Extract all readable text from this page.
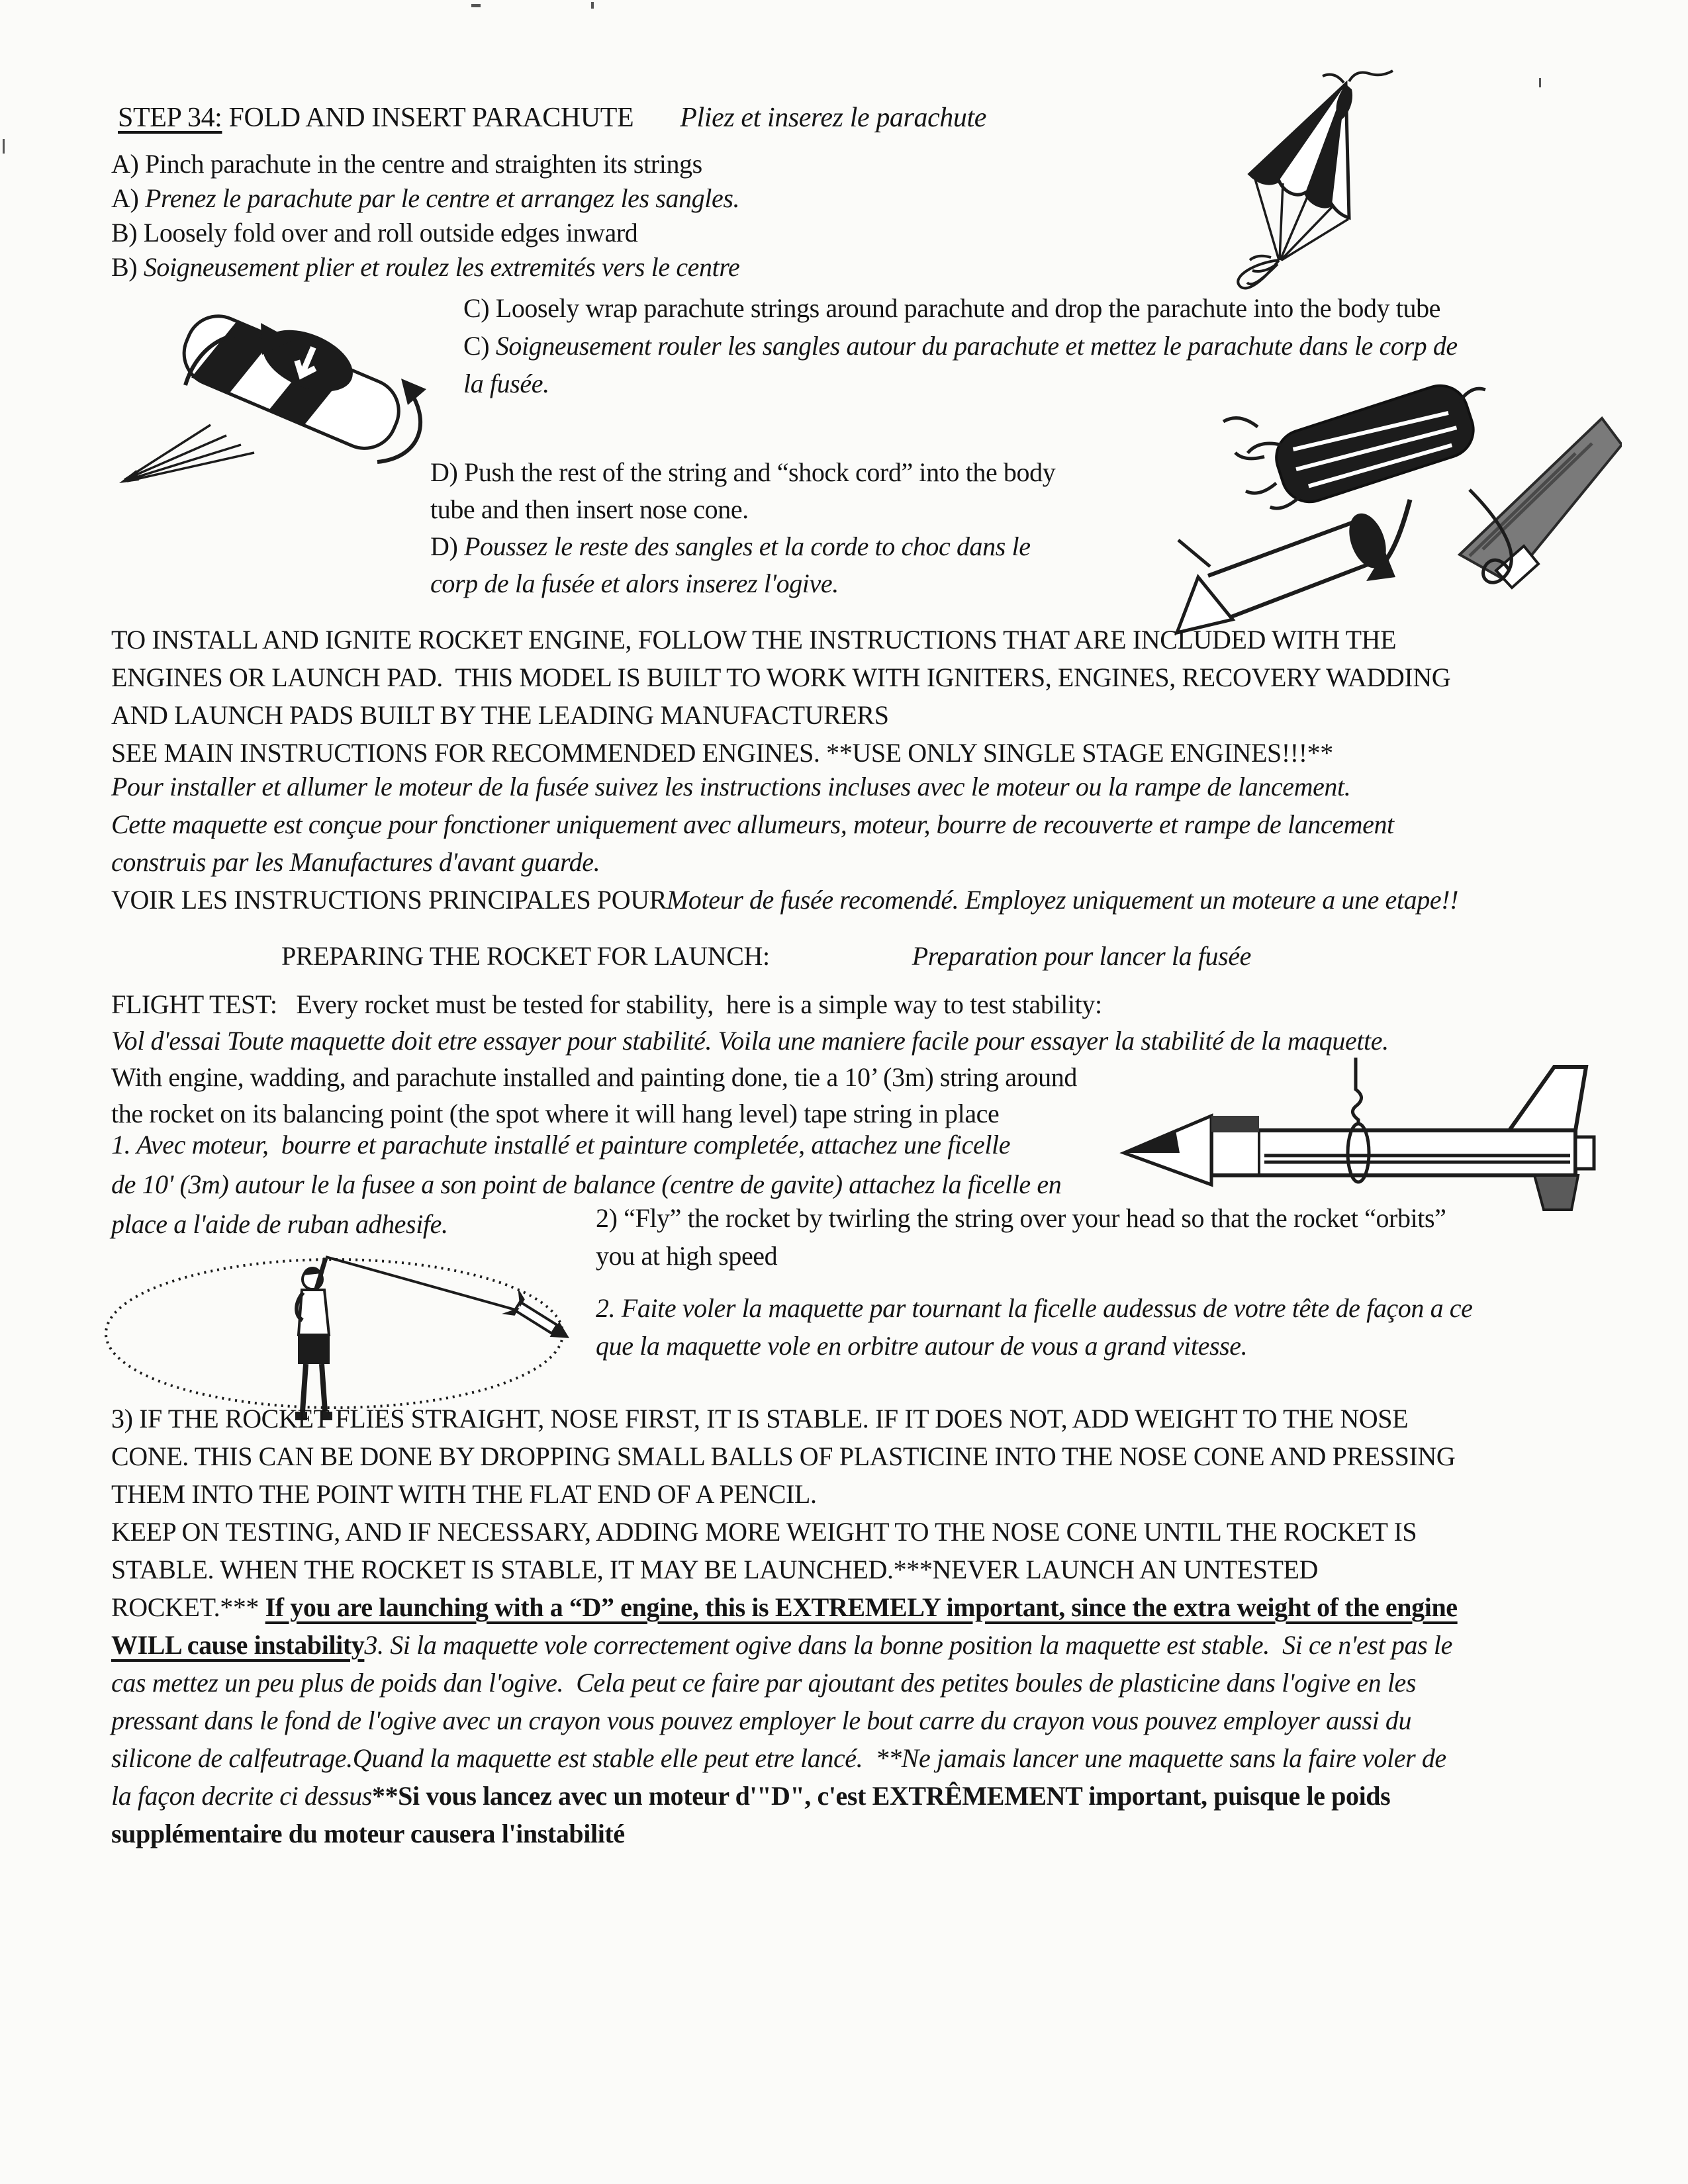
STEP 34: FOLD AND INSERT PARACHUTE Pliez et inserez le parachute
A) Pinch parachute in the centre and straighten its strings
A) Prenez le parachute par le centre et arrangez les sangles.
B) Loosely fold over and roll outside edges inward
B) Soigneusement plier et roulez les extremités vers le centre
C) Loosely wrap parachute strings around parachute and drop the parachute into the body tube
C) Soigneusement rouler les sangles autour du parachute et mettez le parachute dans le corp de
la fusée.
D) Push the rest of the string and “shock cord” into the body
tube and then insert nose cone.
D) Poussez le reste des sangles et la corde to choc dans le
corp de la fusée et alors inserez l'ogive.
TO INSTALL AND IGNITE ROCKET ENGINE, FOLLOW THE INSTRUCTIONS THAT ARE INCLUDED WITH THE
ENGINES OR LAUNCH PAD.  THIS MODEL IS BUILT TO WORK WITH IGNITERS, ENGINES, RECOVERY WADDING
AND LAUNCH PADS BUILT BY THE LEADING MANUFACTURERS
SEE MAIN INSTRUCTIONS FOR RECOMMENDED ENGINES. **USE ONLY SINGLE STAGE ENGINES!!!**
Pour installer et allumer le moteur de la fusée suivez les instructions incluses avec le moteur ou la rampe de lancement.
Cette maquette est conçue pour fonctioner uniquement avec allumeurs, moteur, bourre de recouverte et rampe de lancement
construis par les Manufactures d'avant guarde.
VOIR LES INSTRUCTIONS PRINCIPALES POURMoteur de fusée recomendé. Employez uniquement un moteure a une etape!!
PREPARING THE ROCKET FOR LAUNCH:	Preparation pour lancer la fusée
FLIGHT TEST:   Every rocket must be tested for stability,  here is a simple way to test stability:
Vol d'essai Toute maquette doit etre essayer pour stabilité. Voila une maniere facile pour essayer la stabilité de la maquette.
With engine, wadding, and parachute installed and painting done, tie a 10’ (3m) string around
the rocket on its balancing point (the spot where it will hang level) tape string in place
1. Avec moteur,  bourre et parachute installé et painture completée, attachez une ficelle
de 10' (3m) autour le la fusee a son point de balance (centre de gavite) attachez la ficelle en
place a l'aide de ruban adhesife.	2) “Fly” the rocket by twirling the string over your head so that the rocket “orbits”
you at high speed
2. Faite voler la maquette par tournant la ficelle audessus de votre tête de façon a ce
que la maquette vole en orbitre autour de vous a grand vitesse.
3) IF THE ROCKET FLIES STRAIGHT, NOSE FIRST, IT IS STABLE. IF IT DOES NOT, ADD WEIGHT TO THE NOSE
CONE. THIS CAN BE DONE BY DROPPING SMALL BALLS OF PLASTICINE INTO THE NOSE CONE AND PRESSING
THEM INTO THE POINT WITH THE FLAT END OF A PENCIL.
KEEP ON TESTING, AND IF NECESSARY, ADDING MORE WEIGHT TO THE NOSE CONE UNTIL THE ROCKET IS
STABLE. WHEN THE ROCKET IS STABLE, IT MAY BE LAUNCHED.***NEVER LAUNCH AN UNTESTED
ROCKET.*** If you are launching with a “D” engine, this is EXTREMELY important, since the extra weight of the engine
WILL cause instability3. Si la maquette vole correctement ogive dans la bonne position la maquette est stable.  Si ce n'est pas le
cas mettez un peu plus de poids dan l'ogive.  Cela peut ce faire par ajoutant des petites boules de plasticine dans l'ogive en les
pressant dans le fond de l'ogive avec un crayon vous pouvez employer le bout carre du crayon vous pouvez employer aussi du
silicone de calfeutrage.Quand la maquette est stable elle peut etre lancé.  **Ne jamais lancer une maquette sans la faire voler de
la façon decrite ci dessus**Si vous lancez avec un moteur d'"D", c'est EXTRÊMEMENT important, puisque le poids
supplémentaire du moteur causera l'instabilité
